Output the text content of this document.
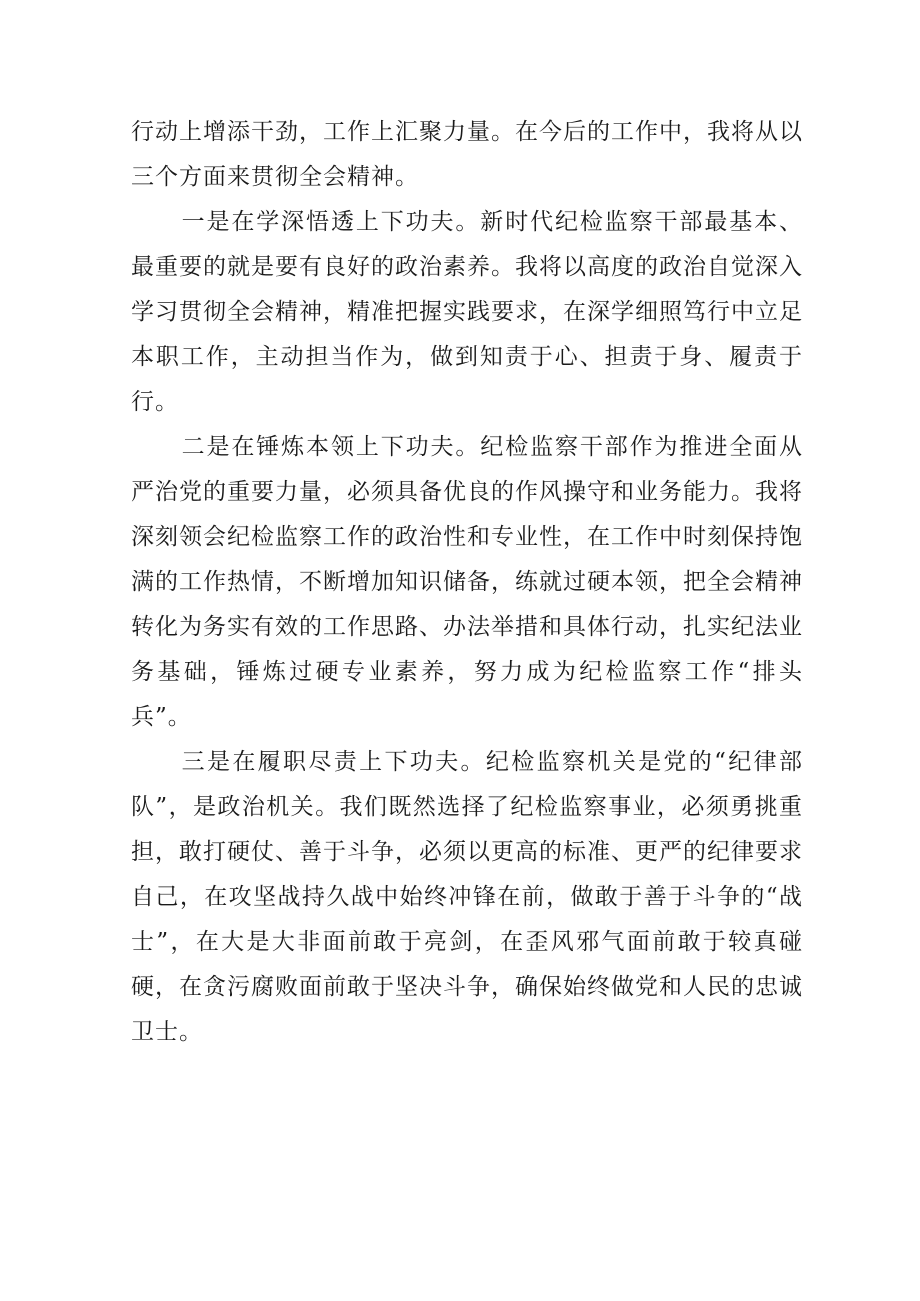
行动上增添干劲，工作上汇聚力量。在今后的工作中，我将从以三个方面来贯彻全会精神。

一是在学深悟透上下功夫。新时代纪检监察干部最基本、最重要的就是要有良好的政治素养。我将以高度的政治自觉深入学习贯彻全会精神，精准把握实践要求，在深学细照笃行中立足本职工作，主动担当作为，做到知责于心、担责于身、履责于行。

二是在锤炼本领上下功夫。纪检监察干部作为推进全面从严治党的重要力量，必须具备优良的作风操守和业务能力。我将深刻领会纪检监察工作的政治性和专业性，在工作中时刻保持饱满的工作热情，不断增加知识储备，练就过硬本领，把全会精神转化为务实有效的工作思路、办法举措和具体行动，扎实纪法业务基础，锤炼过硬专业素养，努力成为纪检监察工作“排头兵”。

三是在履职尽责上下功夫。纪检监察机关是党的“纪律部队”，是政治机关。我们既然选择了纪检监察事业，必须勇挑重担，敢打硬仗、善于斗争，必须以更高的标准、更严的纪律要求自己，在攻坚战持久战中始终冲锋在前，做敢于善于斗争的“战士”，在大是大非面前敢于亮剑，在歪风邪气面前敢于较真碰硬，在贪污腐败面前敢于坚决斗争，确保始终做党和人民的忠诚卫士。
